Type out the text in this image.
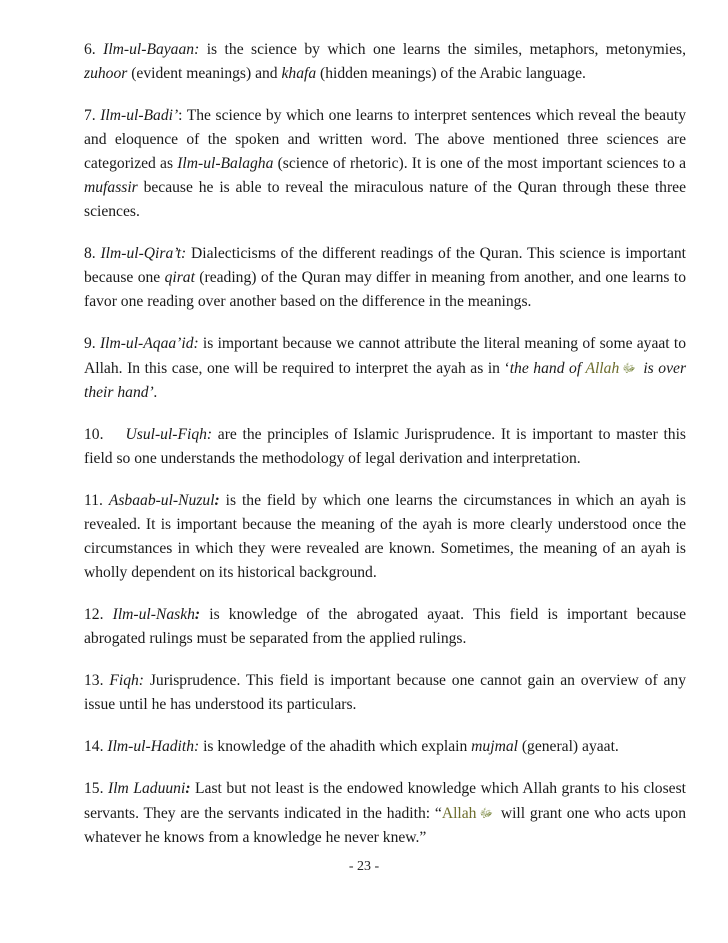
6. Ilm-ul-Bayaan: is the science by which one learns the similes, metaphors, metonymies, zuhoor (evident meanings) and khafa (hidden meanings) of the Arabic language.

7. Ilm-ul-Badi’: The science by which one learns to interpret sentences which reveal the beauty and eloquence of the spoken and written word. The above mentioned three sciences are categorized as Ilm-ul-Balagha (science of rhetoric). It is one of the most important sciences to a mufassir because he is able to reveal the miraculous nature of the Quran through these three sciences.

8. Ilm-ul-Qira’t: Dialecticisms of the different readings of the Quran. This science is important because one qirat (reading) of the Quran may differ in meaning from another, and one learns to favor one reading over another based on the difference in the meanings.

9. Ilm-ul-Aqaa’id: is important because we cannot attribute the literal meaning of some ayaat to Allah. In this case, one will be required to interpret the ayah as in ‘the hand of Allah ﷻ is over their hand’.

10. Usul-ul-Fiqh: are the principles of Islamic Jurisprudence. It is important to master this field so one understands the methodology of legal derivation and interpretation.

11. Asbaab-ul-Nuzul: is the field by which one learns the circumstances in which an ayah is revealed. It is important because the meaning of the ayah is more clearly understood once the circumstances in which they were revealed are known. Sometimes, the meaning of an ayah is wholly dependent on its historical background.

12. Ilm-ul-Naskh: is knowledge of the abrogated ayaat. This field is important because abrogated rulings must be separated from the applied rulings.

13. Fiqh: Jurisprudence. This field is important because one cannot gain an overview of any issue until he has understood its particulars.

14. Ilm-ul-Hadith: is knowledge of the ahadith which explain mujmal (general) ayaat.

15. Ilm Laduuni: Last but not least is the endowed knowledge which Allah grants to his closest servants. They are the servants indicated in the hadith: “Allah ﷻ will grant one who acts upon whatever he knows from a knowledge he never knew.”

- 23 -
